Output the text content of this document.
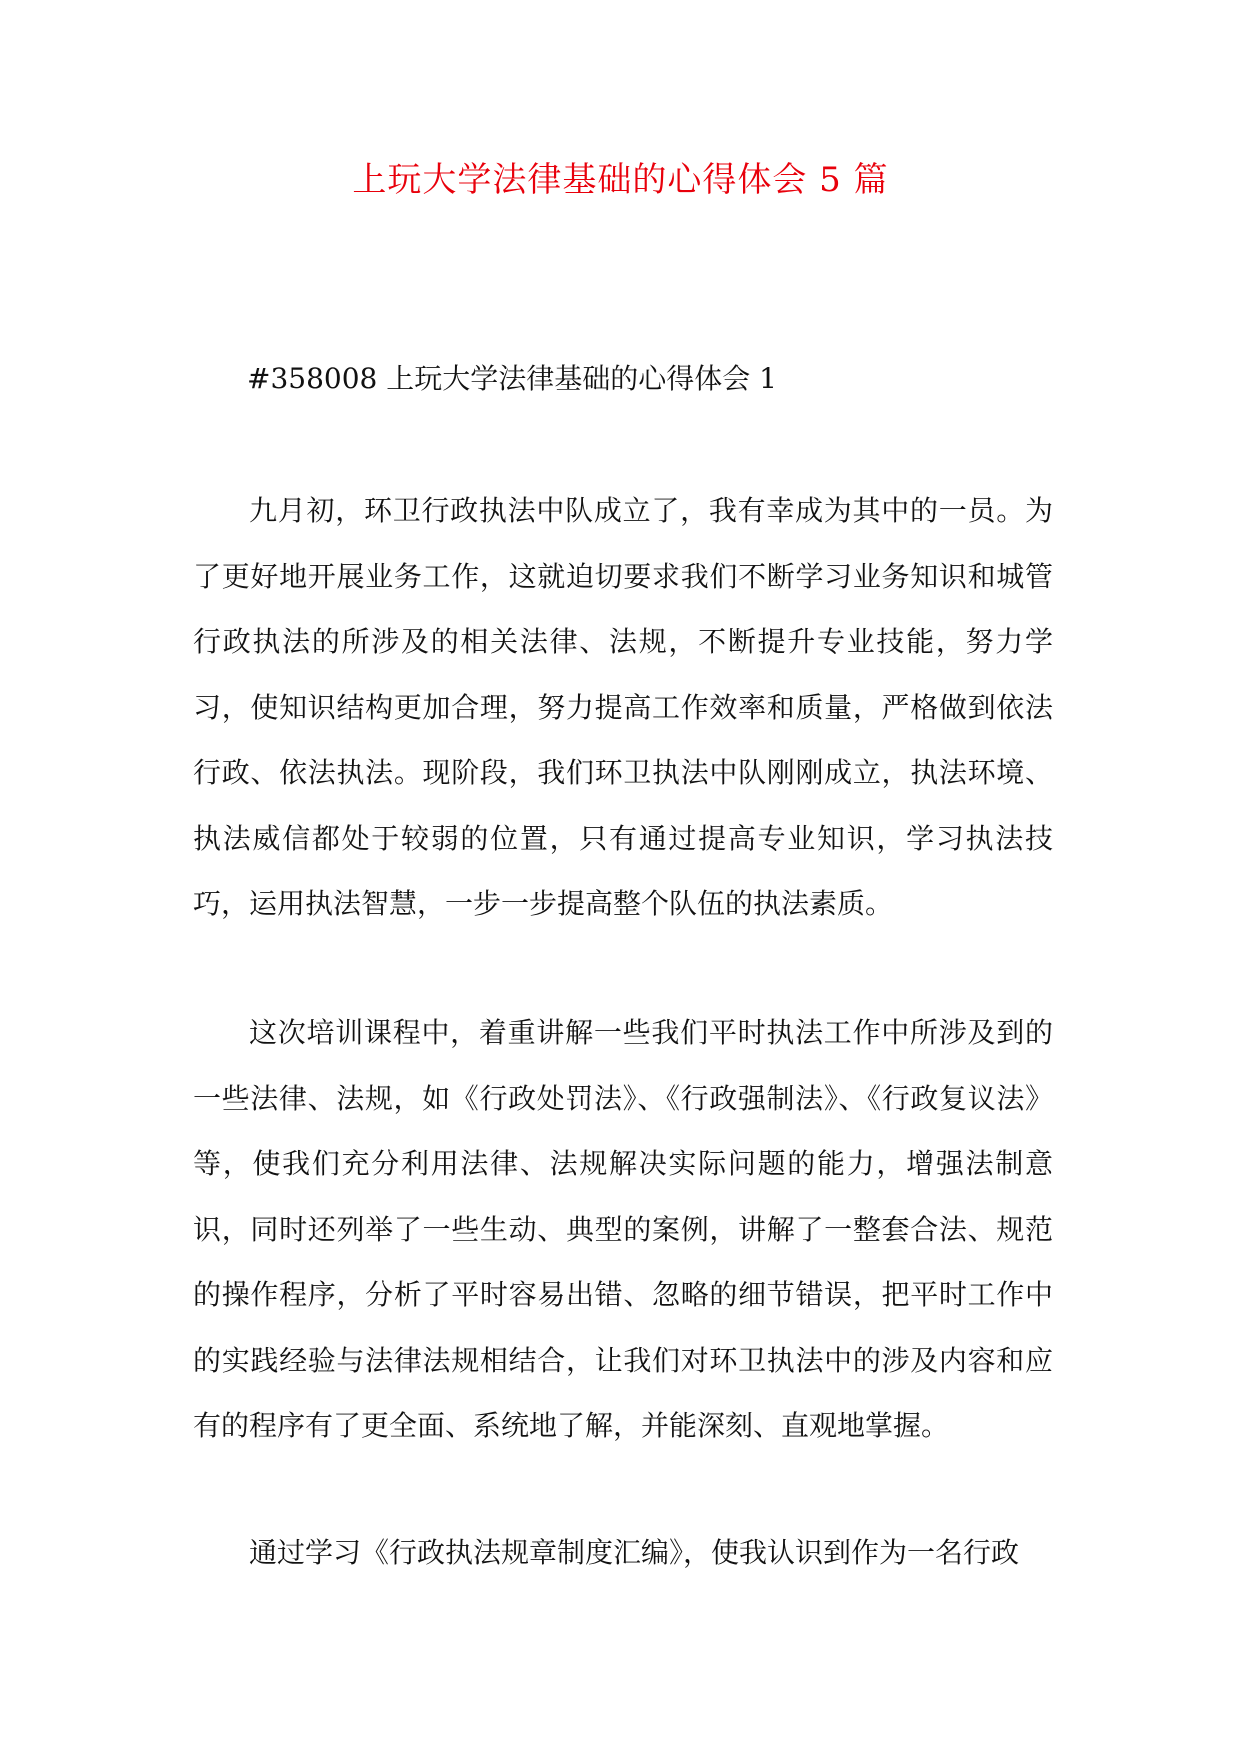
上玩大学法律基础的心得体会 5 篇
#358008 上玩大学法律基础的心得体会 1

九月初，环卫行政执法中队成立了，我有幸成为其中的一员。为了更好地开展业务工作，这就迫切要求我们不断学习业务知识和城管行政执法的所涉及的相关法律、法规，不断提升专业技能，努力学习，使知识结构更加合理，努力提高工作效率和质量，严格做到依法行政、依法执法。现阶段，我们环卫执法中队刚刚成立，执法环境、执法威信都处于较弱的位置，只有通过提高专业知识，学习执法技巧，运用执法智慧，一步一步提高整个队伍的执法素质。

这次培训课程中，着重讲解一些我们平时执法工作中所涉及到的一些法律、法规，如《行政处罚法》、《行政强制法》、《行政复议法》等，使我们充分利用法律、法规解决实际问题的能力，增强法制意识，同时还列举了一些生动、典型的案例，讲解了一整套合法、规范的操作程序，分析了平时容易出错、忽略的细节错误，把平时工作中的实践经验与法律法规相结合，让我们对环卫执法中的涉及内容和应有的程序有了更全面、系统地了解，并能深刻、直观地掌握。

通过学习《行政执法规章制度汇编》，使我认识到作为一名行政
